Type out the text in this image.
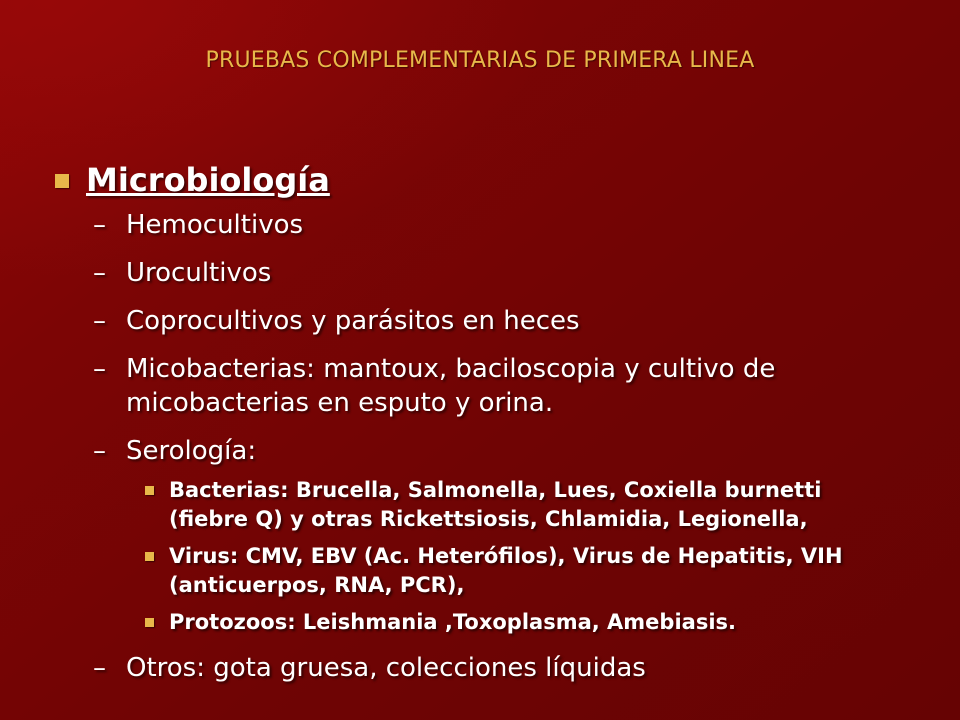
PRUEBAS COMPLEMENTARIAS DE PRIMERA LINEA
Microbiología
– Hemocultivos
– Urocultivos
– Coprocultivos y parásitos en heces
– Micobacterias: mantoux, baciloscopia y cultivo de micobacterias en esputo y orina.
– Serología:
Bacterias: Brucella, Salmonella, Lues, Coxiella burnetti (fiebre Q) y otras Rickettsiosis, Chlamidia, Legionella,
Virus: CMV, EBV (Ac. Heterófilos), Virus de Hepatitis, VIH (anticuerpos, RNA, PCR),
Protozoos: Leishmania ,Toxoplasma, Amebiasis.
– Otros: gota gruesa, colecciones líquidas
